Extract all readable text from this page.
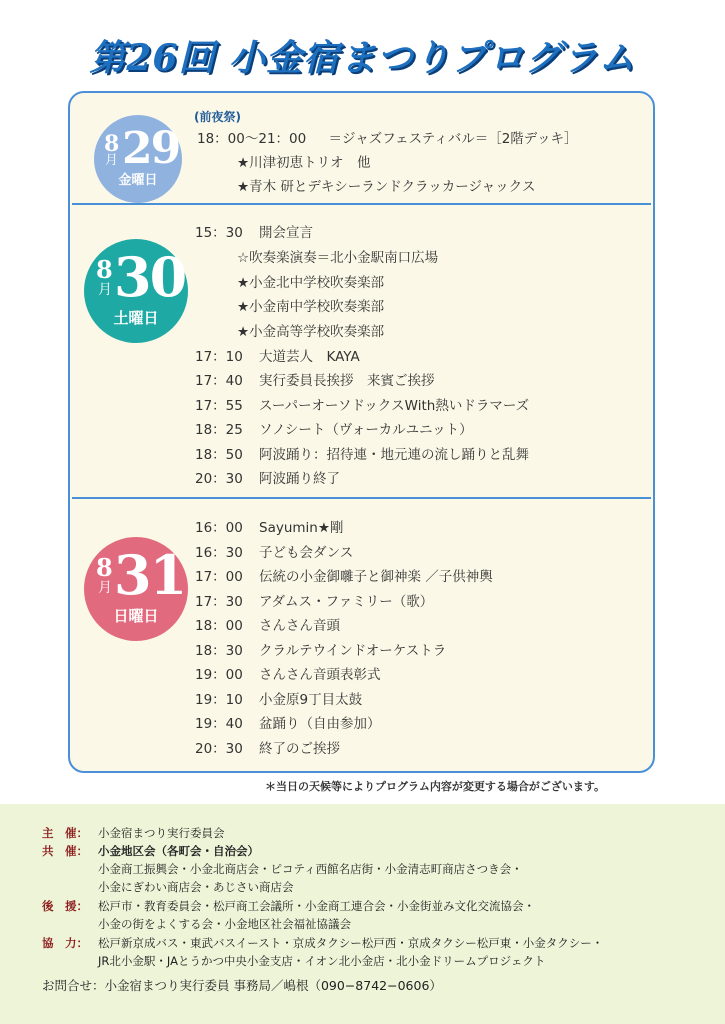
第26回 小金宿まつりプログラム
8
月 29
金曜日
(前夜祭)
18：00〜21：00 ＝ジャズフェスティバル＝［2階デッキ］
★川津初恵トリオ　他
★青木 研とデキシーランドクラッカージャックス
8
月 30
土曜日
15：30 開会宣言
☆吹奏楽演奏＝北小金駅南口広場
★小金北中学校吹奏楽部
★小金南中学校吹奏楽部
★小金高等学校吹奏楽部
17：10 大道芸人　KAYA
17：40 実行委員長挨拶　来賓ご挨拶
17：55 スーパーオーソドックスWith熱いドラマーズ
18：25 ソノシート（ヴォーカルユニット）
18：50 阿波踊り：招待連・地元連の流し踊りと乱舞
20：30 阿波踊り終了
8
月 31
日曜日
16：00 Sayumin★剛
16：30 子ども会ダンス
17：00 伝統の小金御囃子と御神楽 ／子供神輿
17：30 アダムス・ファミリー（歌）
18：00 さんさん音頭
18：30 クラルテウインドオーケストラ
19：00 さんさん音頭表彰式
19：10 小金原9丁目太鼓
19：40 盆踊り（自由参加）
20：30 終了のご挨拶
＊当日の天候等によりプログラム内容が変更する場合がございます。
主　催： 小金宿まつり実行委員会
共　催： 小金地区会（各町会・自治会）
小金商工振興会・小金北商店会・ピコティ西館名店街・小金清志町商店さつき会・
小金にぎわい商店会・あじさい商店会
後　援： 松戸市・教育委員会・松戸商工会議所・小金商工連合会・小金街並み文化交流協会・
小金の街をよくする会・小金地区社会福祉協議会
協　力： 松戸新京成バス・東武バスイースト・京成タクシー松戸西・京成タクシー松戸東・小金タクシー・
JR北小金駅・JAとうかつ中央小金支店・イオン北小金店・北小金ドリームプロジェクト
お問合せ：小金宿まつり実行委員 事務局／嶋根（090−8742−0606）
